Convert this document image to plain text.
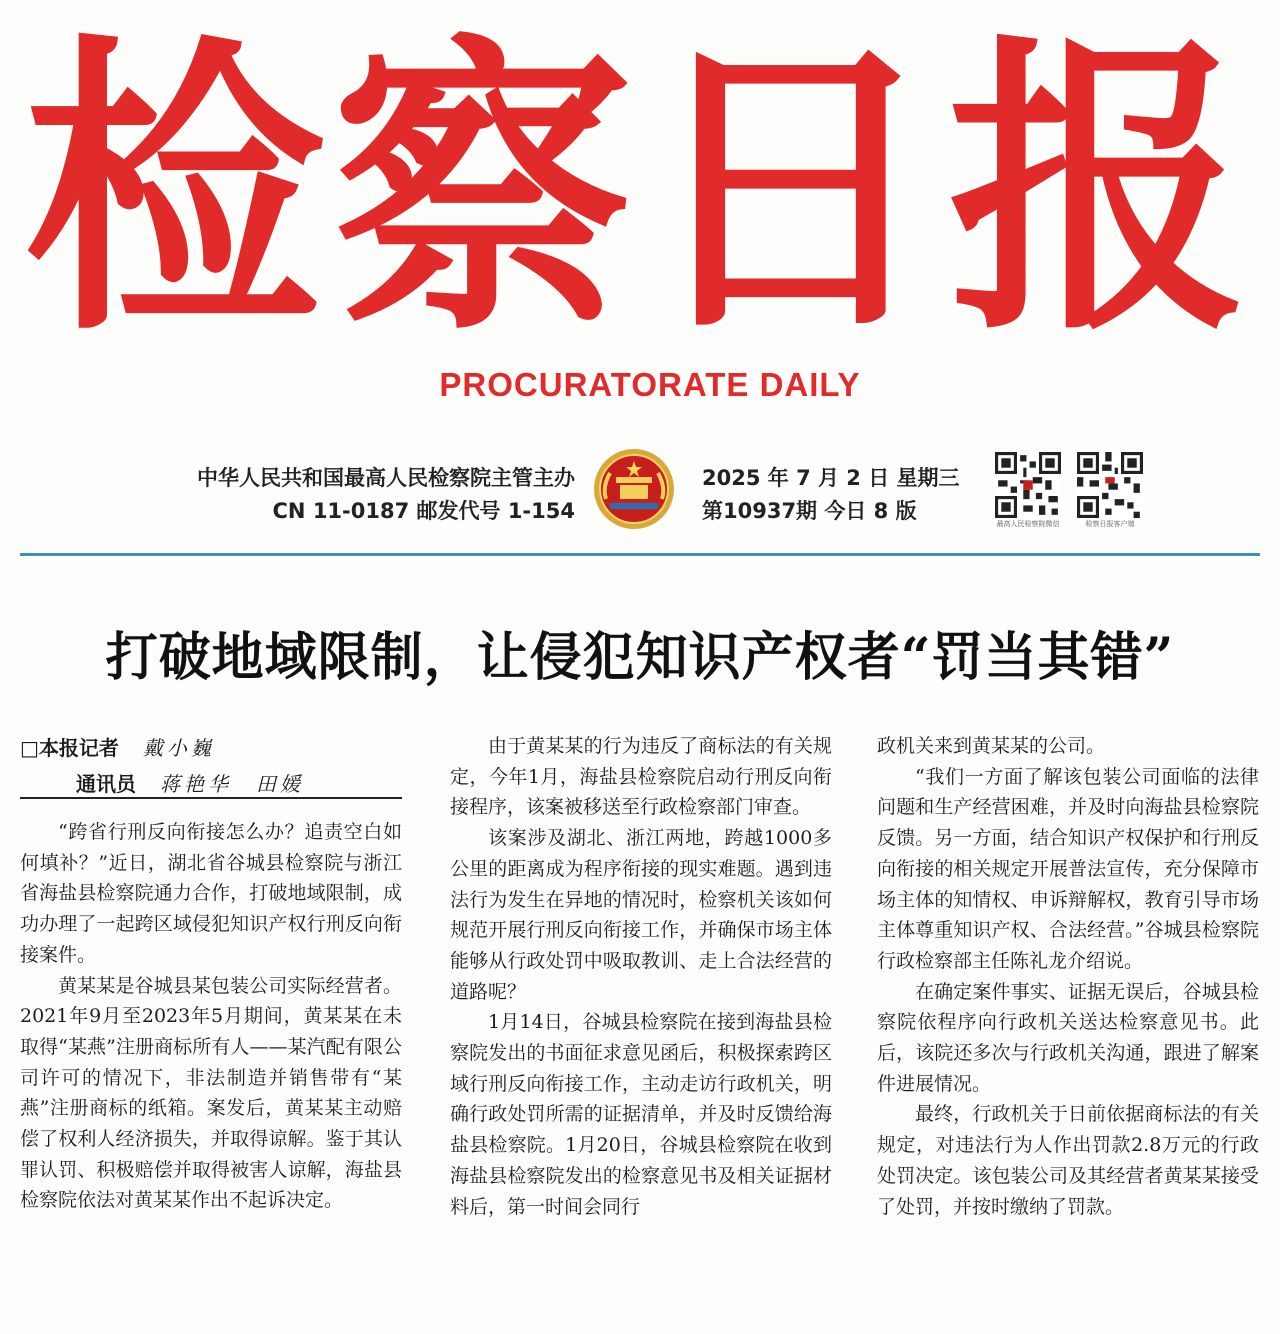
检察日报
PROCURATORATE DAILY
中华人民共和国最高人民检察院主管主办
CN 11-0187 邮发代号 1-154
2025 年 7 月 2 日 星期三
第10937期 今日 8 版
最高人民检察院微信	检察日报客户端
打破地域限制，让侵犯知识产权者“罚当其错”
□本报记者 戴小巍
通讯员 蒋艳华　田媛

“跨省行刑反向衔接怎么办？追责空白如何填补？”近日，湖北省谷城县检察院与浙江省海盐县检察院通力合作，打破地域限制，成功办理了一起跨区域侵犯知识产权行刑反向衔接案件。

黄某某是谷城县某包装公司实际经营者。2021年9月至2023年5月期间，黄某某在未取得“某燕”注册商标所有人——某汽配有限公司许可的情况下，非法制造并销售带有“某燕”注册商标的纸箱。案发后，黄某某主动赔偿了权利人经济损失，并取得谅解。鉴于其认罪认罚、积极赔偿并取得被害人谅解，海盐县检察院依法对黄某某作出不起诉决定。

由于黄某某的行为违反了商标法的有关规定，今年1月，海盐县检察院启动行刑反向衔接程序，该案被移送至行政检察部门审查。

该案涉及湖北、浙江两地，跨越1000多公里的距离成为程序衔接的现实难题。遇到违法行为发生在异地的情况时，检察机关该如何规范开展行刑反向衔接工作，并确保市场主体能够从行政处罚中吸取教训、走上合法经营的道路呢？

1月14日，谷城县检察院在接到海盐县检察院发出的书面征求意见函后，积极探索跨区域行刑反向衔接工作，主动走访行政机关，明确行政处罚所需的证据清单，并及时反馈给海盐县检察院。1月20日，谷城县检察院在收到海盐县检察院发出的检察意见书及相关证据材料后，第一时间会同行

政机关来到黄某某的公司。

“我们一方面了解该包装公司面临的法律问题和生产经营困难，并及时向海盐县检察院反馈。另一方面，结合知识产权保护和行刑反向衔接的相关规定开展普法宣传，充分保障市场主体的知情权、申诉辩解权，教育引导市场主体尊重知识产权、合法经营。”谷城县检察院行政检察部主任陈礼龙介绍说。

在确定案件事实、证据无误后，谷城县检察院依程序向行政机关送达检察意见书。此后，该院还多次与行政机关沟通，跟进了解案件进展情况。

最终，行政机关于日前依据商标法的有关规定，对违法行为人作出罚款2.8万元的行政处罚决定。该包装公司及其经营者黄某某接受了处罚，并按时缴纳了罚款。
